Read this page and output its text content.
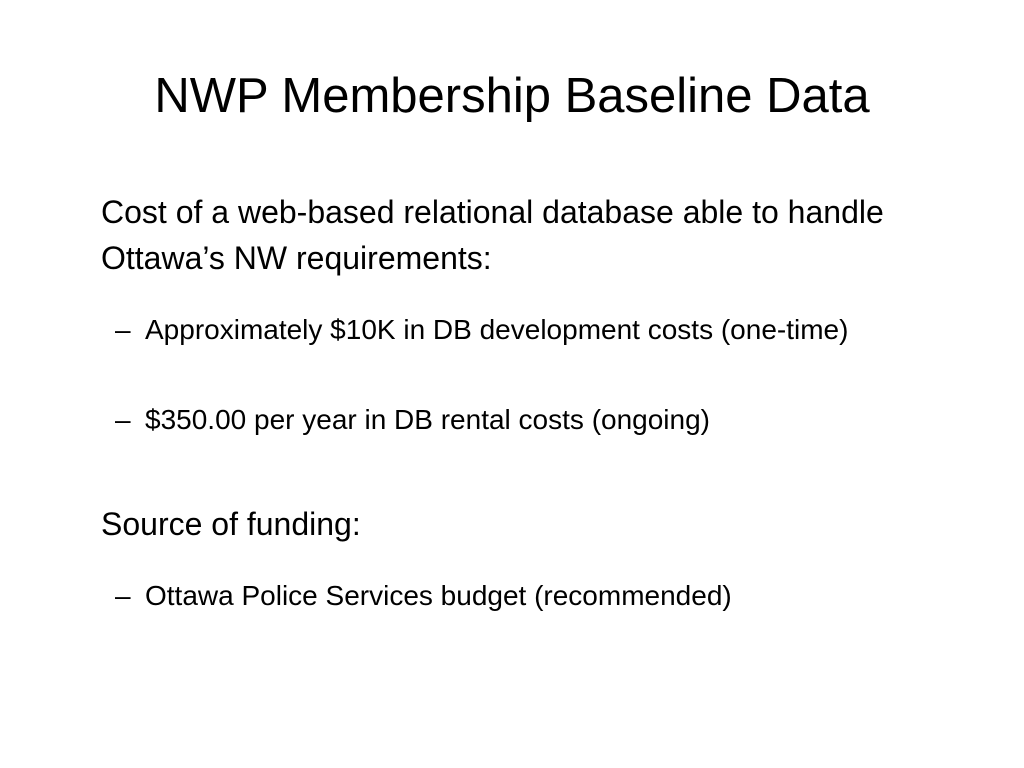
NWP Membership Baseline Data

Cost of a web-based relational database able to handle Ottawa’s NW requirements:

– Approximately $10K in DB development costs (one-time)
– $350.00 per year in DB rental costs (ongoing)

Source of funding:

– Ottawa Police Services budget (recommended)
